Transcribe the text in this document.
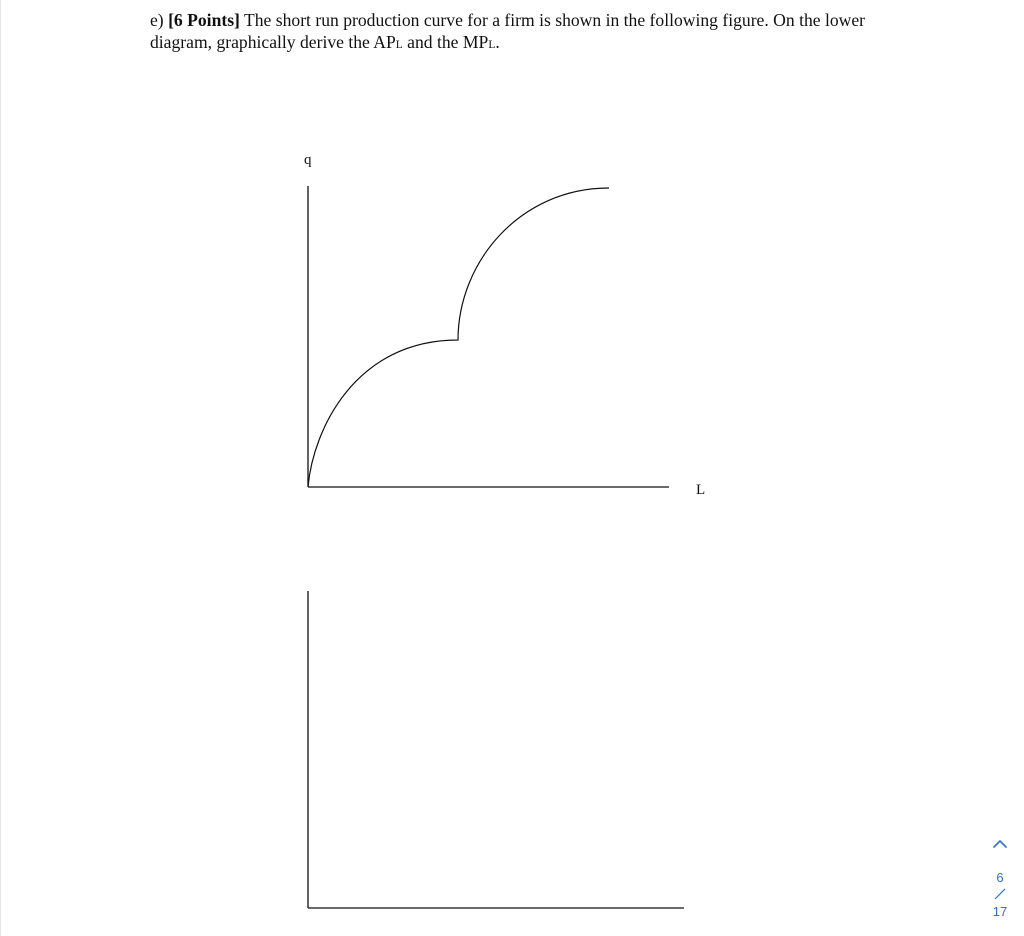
e) [6 Points] The short run production curve for a firm is shown in the following figure. On the lower diagram, graphically derive the APL and the MPL.
q
L
6
17
